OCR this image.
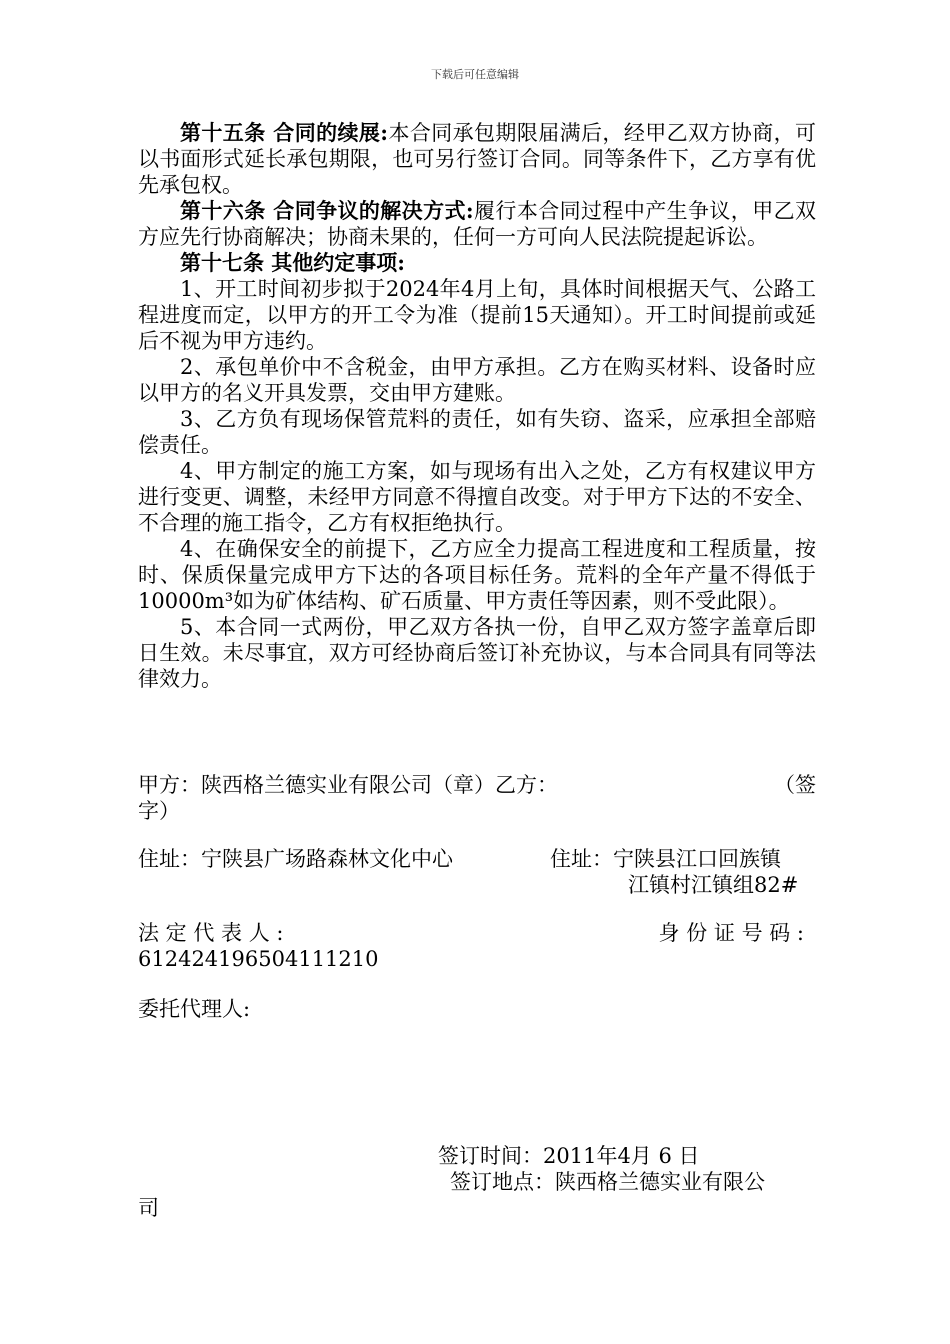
下载后可任意编辑

第十五条 合同的续展:本合同承包期限届满后，经甲乙双方协商，可以书面形式延长承包期限，也可另行签订合同。同等条件下，乙方享有优先承包权。

第十六条 合同争议的解决方式:履行本合同过程中产生争议，甲乙双方应先行协商解决；协商未果的，任何一方可向人民法院提起诉讼。

第十七条 其他约定事项:

1、开工时间初步拟于2024年4月上旬，具体时间根据天气、公路工程进度而定，以甲方的开工令为准（提前15天通知）。开工时间提前或延后不视为甲方违约。

2、承包单价中不含税金，由甲方承担。乙方在购买材料、设备时应以甲方的名义开具发票，交由甲方建账。

3、乙方负有现场保管荒料的责任，如有失窃、盗采，应承担全部赔偿责任。

4、甲方制定的施工方案，如与现场有出入之处，乙方有权建议甲方进行变更、调整，未经甲方同意不得擅自改变。对于甲方下达的不安全、不合理的施工指令，乙方有权拒绝执行。

4、在确保安全的前提下，乙方应全力提高工程进度和工程质量，按时、保质保量完成甲方下达的各项目标任务。荒料的全年产量不得低于10000m³如为矿体结构、矿石质量、甲方责任等因素，则不受此限）。

5、本合同一式两份，甲乙双方各执一份，自甲乙双方签字盖章后即日生效。未尽事宜，双方可经协商后签订补充协议，与本合同具有同等法律效力。

甲方：陕西格兰德实业有限公司（章）乙方：	（签
字）
住址：宁陕县广场路森林文化中心	住址：宁陕县江口回族镇
江镇村江镇组82#
法 定 代 表 人 :	身 份 证 号 码 :
612424196504111210
委托代理人:
签订时间：2011年4月 6 日
签订地点：陕西格兰德实业有限公
司
